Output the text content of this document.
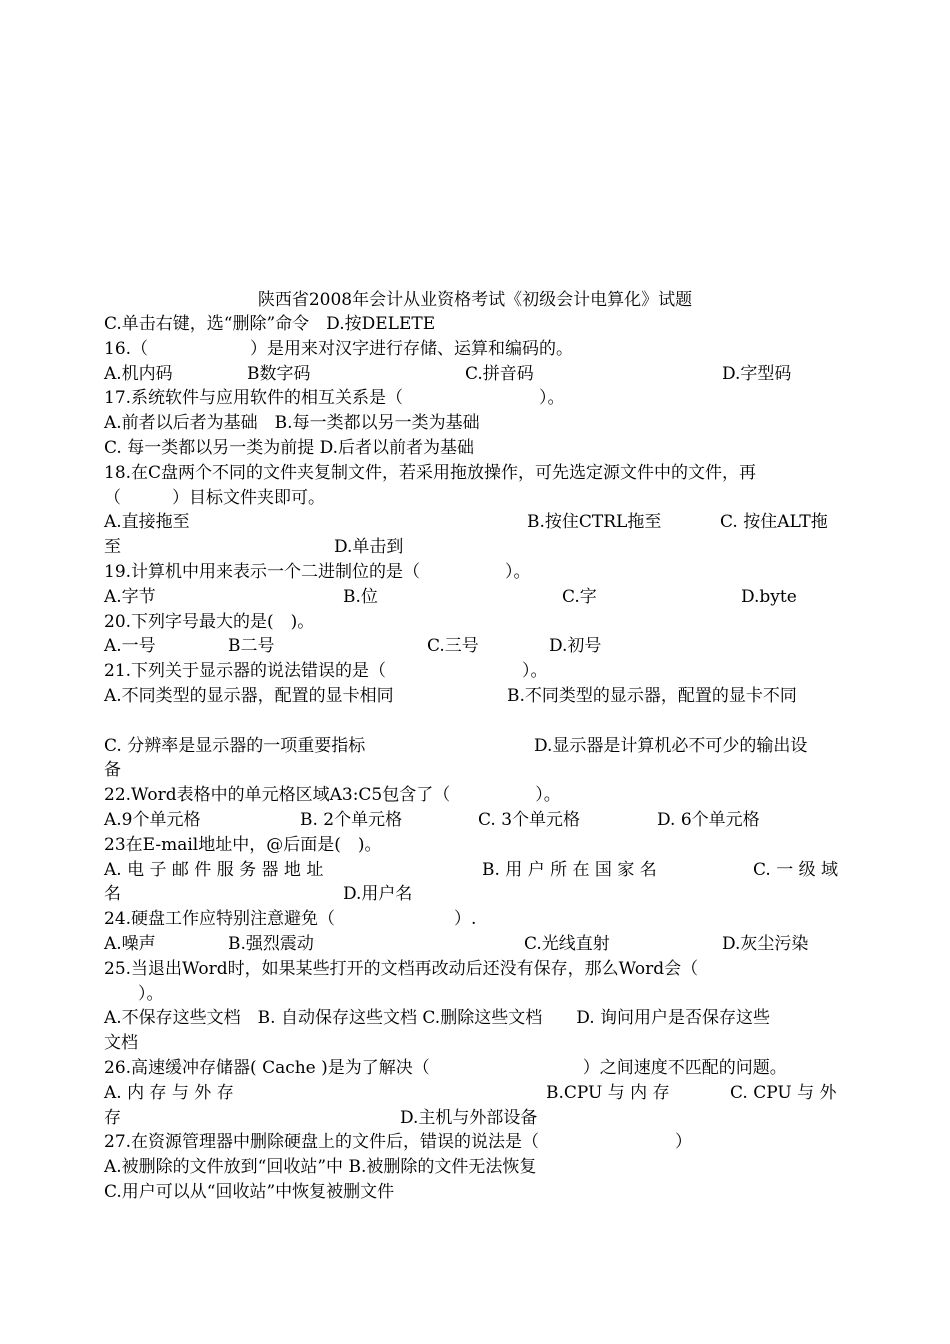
陕西省2008年会计从业资格考试《初级会计电算化》试题
C.单击右键，选“删除”命令　D.按DELETE
16.（　　　　　　）是用来对汉字进行存储、运算和编码的。
A.机内码	B数字码	C.拼音码	D.字型码
17.系统软件与应用软件的相互关系是（　　　　　　　　）。
A.前者以后者为基础　B.每一类都以另一类为基础
C. 每一类都以另一类为前提 D.后者以前者为基础
18.在C盘两个不同的文件夹复制文件，若采用拖放操作，可先选定源文件中的文件，再
（　　　）目标文件夹即可。
A.直接拖至	B.按住CTRL拖至	C. 按住ALT拖
至	D.单击到
19.计算机中用来表示一个二进制位的是（　　　　　）。
A.字节	B.位	C.字	D.byte
20.下列字号最大的是(　)。
A.一号	B二号	C.三号	D.初号
21.下列关于显示器的说法错误的是（　　　　　　　　）。
A.不同类型的显示器，配置的显卡相同	B.不同类型的显示器，配置的显卡不同
C. 分辨率是显示器的一项重要指标	D.显示器是计算机必不可少的输出设
备
22.Word表格中的单元格区域A3:C5包含了（　　　　　）。
A.9个单元格	B. 2个单元格	C. 3个单元格	D. 6个单元格
23在E-mail地址中，@后面是(　)。
A. 电 子 邮 件 服 务 器 地 址	B. 用 户 所 在 国 家 名	C. 一 级 域
名	D.用户名
24.硬盘工作应特别注意避免（　　　　　　　）.
A.噪声	B.强烈震动	C.光线直射	D.灰尘污染
25.当退出Word时，如果某些打开的文档再改动后还没有保存，那么Word会（
　　）。
A.不保存这些文档　B. 自动保存这些文档 C.删除这些文档　　D. 询问用户是否保存这些
文档
26.高速缓冲存储器( Cache )是为了解决（　　　　　　　　　）之间速度不匹配的问题。
A. 内 存 与 外 存	B.CPU 与 内 存	C. CPU 与 外
存	D.主机与外部设备
27.在资源管理器中删除硬盘上的文件后，错误的说法是（　　　　　　　　）
A.被删除的文件放到“回收站”中 B.被删除的文件无法恢复
C.用户可以从“回收站”中恢复被删文件
